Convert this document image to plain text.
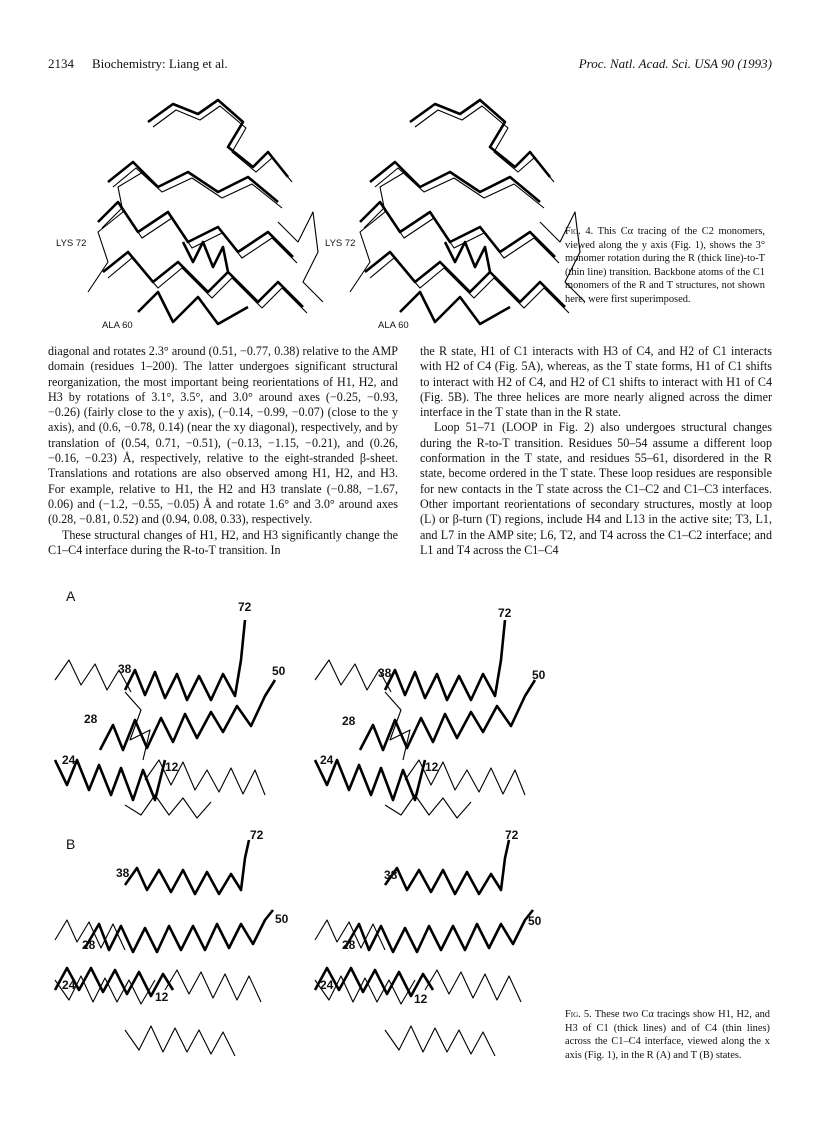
2134 Biochemistry: Liang et al.	Proc. Natl. Acad. Sci. USA 90 (1993)
LYS 72
ALA 60
LYS 72
ALA 60
Fig. 4. This Cα tracing of the C2 monomers, viewed along the y axis (Fig. 1), shows the 3° monomer rotation during the R (thick line)-to-T (thin line) transition. Backbone atoms of the C1 monomers of the R and T structures, not shown here, were first superimposed.

diagonal and rotates 2.3° around (0.51, −0.77, 0.38) relative to the AMP domain (residues 1–200). The latter undergoes significant structural reorganization, the most important being reorientations of H1, H2, and H3 by rotations of 3.1°, 3.5°, and 3.0° around axes (−0.25, −0.93, −0.26) (fairly close to the y axis), (−0.14, −0.99, −0.07) (close to the y axis), and (0.6, −0.78, 0.14) (near the xy diagonal), respectively, and by translation of (0.54, 0.71, −0.51), (−0.13, −1.15, −0.21), and (0.26, −0.16, −0.23) Å, respectively, relative to the eight-stranded β-sheet. Translations and rotations are also observed among H1, H2, and H3. For example, relative to H1, the H2 and H3 translate (−0.88, −1.67, 0.06) and (−1.2, −0.55, −0.05) Å and rotate 1.6° and 3.0° around axes (0.28, −0.81, 0.52) and (0.94, 0.08, 0.33), respectively.

These structural changes of H1, H2, and H3 significantly change the C1–C4 interface during the R-to-T transition. In

the R state, H1 of C1 interacts with H3 of C4, and H2 of C1 interacts with H2 of C4 (Fig. 5A), whereas, as the T state forms, H1 of C1 shifts to interact with H2 of C4, and H2 of C1 shifts to interact with H1 of C4 (Fig. 5B). The three helices are more nearly aligned across the dimer interface in the T state than in the R state.

Loop 51–71 (LOOP in Fig. 2) also undergoes structural changes during the R-to-T transition. Residues 50–54 assume a different loop conformation in the T state, and residues 55–61, disordered in the R state, become ordered in the T state. These loop residues are responsible for new contacts in the T state across the C1–C2 and C1–C3 interfaces. Other important reorientations of secondary structures, mostly at loop (L) or β-turn (T) regions, include H4 and L13 in the active site; T3, L1, and L7 in the AMP site; L6, T2, and T4 across the C1–C2 interface; and L1 and T4 across the C1–C4

A
72
38	50
28
24	12
72
38	50
28
24	12
B
72
38
50
28
24
12
72
38
50
28
24
12
Fig. 5. These two Cα tracings show H1, H2, and H3 of C1 (thick lines) and of C4 (thin lines) across the C1–C4 interface, viewed along the x axis (Fig. 1), in the R (A) and T (B) states.
